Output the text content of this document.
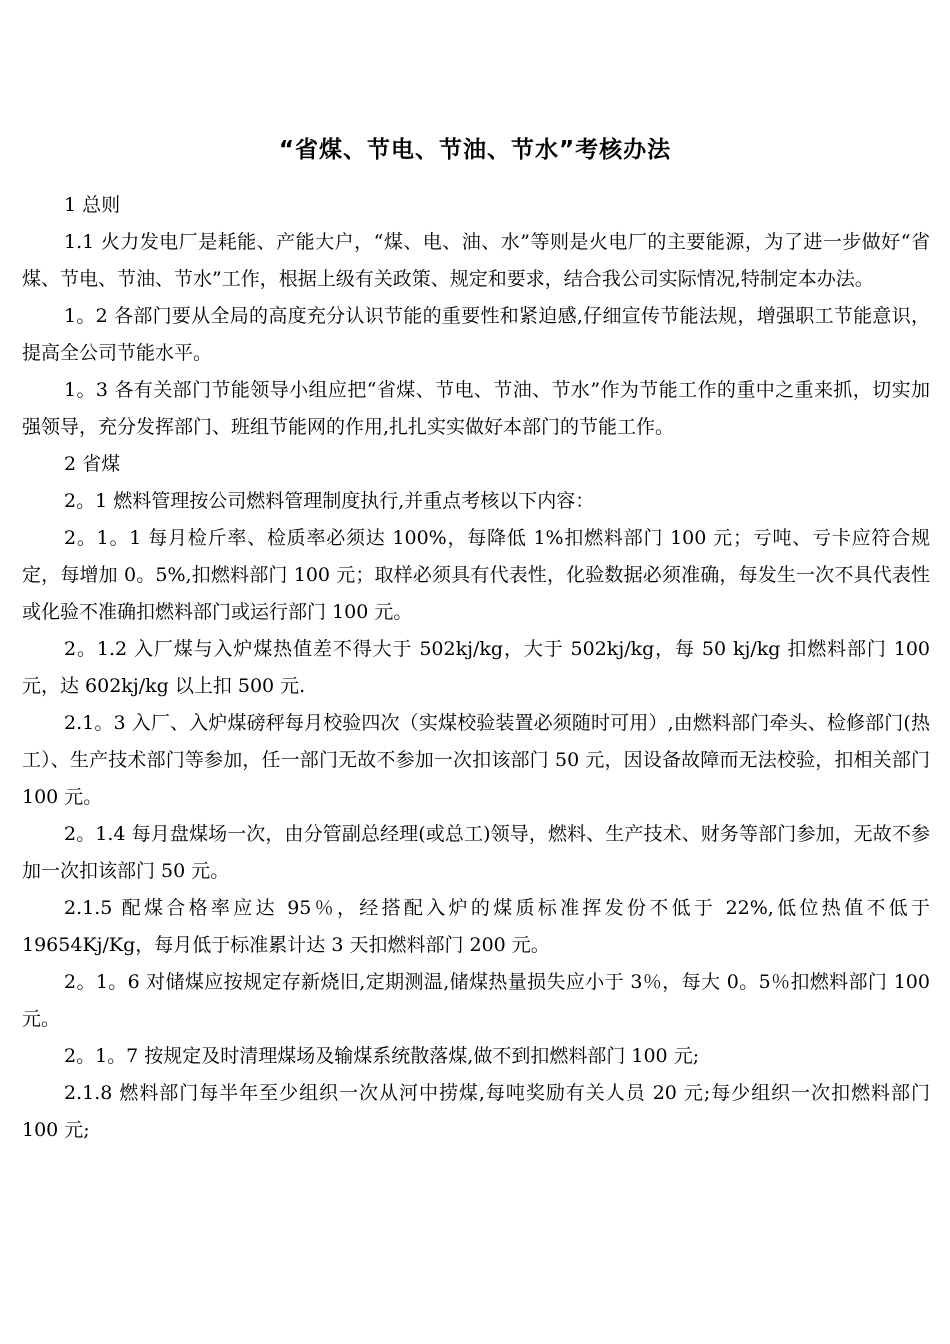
“省煤、节电、节油、节水”考核办法

1 总则

1.1 火力发电厂是耗能、产能大户，“煤、电、油、水”等则是火电厂的主要能源，为了进一步做好“省煤、节电、节油、节水”工作，根据上级有关政策、规定和要求，结合我公司实际情况,特制定本办法。

1。2 各部门要从全局的高度充分认识节能的重要性和紧迫感,仔细宣传节能法规，增强职工节能意识，提高全公司节能水平。

1。3 各有关部门节能领导小组应把“省煤、节电、节油、节水”作为节能工作的重中之重来抓，切实加强领导，充分发挥部门、班组节能网的作用,扎扎实实做好本部门的节能工作。

2 省煤

2。1 燃料管理按公司燃料管理制度执行,并重点考核以下内容：

2。1。1 每月检斤率、检质率必须达 100%，每降低 1%扣燃料部门 100 元；亏吨、亏卡应符合规定，每增加 0。5%,扣燃料部门 100 元；取样必须具有代表性，化验数据必须准确，每发生一次不具代表性或化验不准确扣燃料部门或运行部门 100 元。

2。1.2 入厂煤与入炉煤热值差不得大于 502kj/kg，大于 502kj/kg，每 50 kj/kg 扣燃料部门 100 元，达 602kj/kg 以上扣 500 元.

2.1。3 入厂、入炉煤磅秤每月校验四次（实煤校验装置必须随时可用）,由燃料部门牵头、检修部门(热工）、生产技术部门等参加，任一部门无故不参加一次扣该部门 50 元，因设备故障而无法校验，扣相关部门 100 元。

2。1.4 每月盘煤场一次，由分管副总经理(或总工)领导，燃料、生产技术、财务等部门参加，无故不参加一次扣该部门 50 元。

2.1.5 配煤合格率应达 95％，经搭配入炉的煤质标准挥发份不低于 22%,低位热值不低于 19654Kj/Kg，每月低于标准累计达 3 天扣燃料部门 200 元。

2。1。6 对储煤应按规定存新烧旧,定期测温,储煤热量损失应小于 3％，每大 0。5％扣燃料部门 100 元。

2。1。7 按规定及时清理煤场及输煤系统散落煤,做不到扣燃料部门 100 元;

2.1.8 燃料部门每半年至少组织一次从河中捞煤,每吨奖励有关人员 20 元;每少组织一次扣燃料部门 100 元;
